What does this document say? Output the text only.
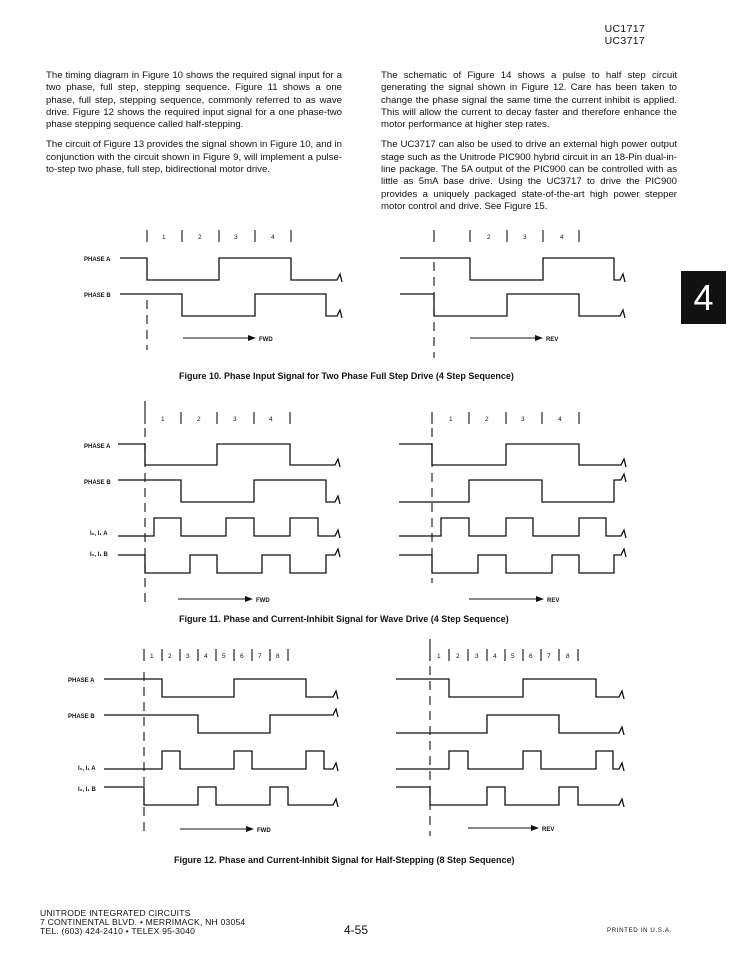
UC1717
UC3717

The timing diagram in Figure 10 shows the required signal input for a two phase, full step, stepping sequence. Figure 11 shows a one phase, full step, stepping sequence, commonly referred to as wave drive. Figure 12 shows the required input signal for a one phase-two phase stepping sequence called half-stepping.

The circuit of Figure 13 provides the signal shown in Figure 10, and in conjunction with the circuit shown in Figure 9, will implement a pulse-to-step two phase, full step, bidirectional motor drive.

The schematic of Figure 14 shows a pulse to half step circuit generating the signal shown in Figure 12. Care has been taken to change the phase signal the same time the current inhibit is applied. This will allow the current to decay faster and therefore enhance the motor performance at higher step rates.

The UC3717 can also be used to drive an external high power output stage such as the Unitrode PIC900 hybrid circuit in an 18-Pin dual-in-line package. The 5A output of the PIC900 can be controlled with as little as 5mA base drive. Using the UC3717 to drive the PIC900 provides a uniquely packaged state-of-the-art high power stepper motor control and drive. See Figure 15.

4
1	2	3	4
PHASE A
PHASE B
FWD
2	3	4
REV
Figure 10. Phase Input Signal for Two Phase Full Step Drive (4 Step Sequence)
1	2	3	4
PHASE A
PHASE B
I₀, I₁ A
I₀, I₁ B
FWD
1	2	3	4
REV
Figure 11. Phase and Current-Inhibit Signal for Wave Drive (4 Step Sequence)
1 2 3 4 5 6 7 8
PHASE A
PHASE B
I₀, I₁ A
I₀, I₁ B
FWD
1 2 3 4 5 6 7 8
REV
Figure 12. Phase and Current-Inhibit Signal for Half-Stepping (8 Step Sequence)
UNITRODE INTEGRATED CIRCUITS
7 CONTINENTAL BLVD. • MERRIMACK, NH 03054
TEL. (603) 424-2410 • TELEX 95-3040	4-55	PRINTED IN U.S.A.
